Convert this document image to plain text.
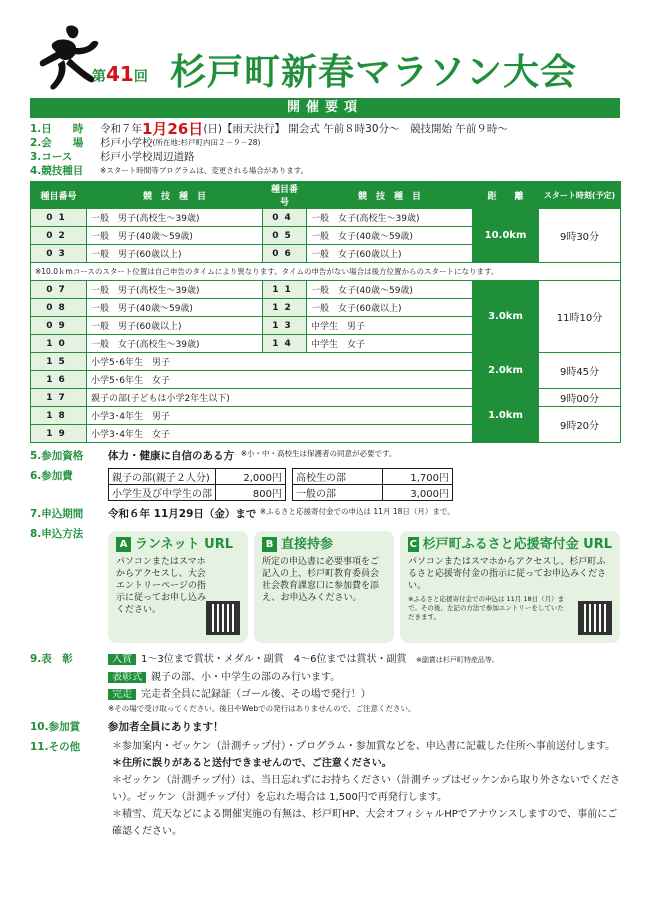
第41回 杉戸町新春マラソン大会
開催要項
1.日　　時	令和７年 1月26日 (日)【雨天決行】 開会式 午前８時30分～　競技開始 午前９時～
2.会　　場	杉戸小学校 (所在地:杉戸町内田２－９－28)
3.コース	杉戸小学校周辺道路
4.競技種目	※スタート時間等プログラムは、変更される場合があります。
種目番号	競　技　種　目	種目番号	競　技　種　目	距　　離	スタート時刻(予定)
01	一般　男子(高校生～39歳)	04	一般　女子(高校生～39歳)	10.0km	9時30分
02	一般　男子(40歳～59歳)	05	一般　女子(40歳～59歳)		
03	一般　男子(60歳以上)	06	一般　女子(60歳以上)		
※10.0ｋmコースのスタート位置は自己申告のタイムにより異なります。タイムの申告がない場合は後方位置からのスタートになります。					
07	一般　男子(高校生～39歳)	11	一般　女子(40歳～59歳)	3.0km	11時10分
08	一般　男子(40歳～59歳)	12	一般　女子(60歳以上)		
09	一般　男子(60歳以上)	13	中学生　男子		
10	一般　女子(高校生～39歳)	14	中学生　女子		
15	小学5･6年生　男子			2.0km	9時45分
16	小学5･6年生　女子				
17	親子の部(子どもは小学2年生以下)			1.0km	9時00分
18	小学3･4年生　男子				9時20分
19	小学3･4年生　女子				
5.参加資格	体力・健康に自信のある方
※小・中・高校生は保護者の同意が必要です。
6.参加費	親子の部(親子２人分)	2,000円
小学生及び中学生の部	800円
高校生の部	1,700円
一般の部	3,000円
7.申込期間	令和６年 11月29日（金）まで
※ふるさと応援寄付金での申込は 11月 18日（月）まで。
8.申込方法
A ランネット URL
パソコンまたはスマホからアクセスし、大会エントリーページの指示に従ってお申し込みください。
B 直接持参
所定の申込書に必要事項をご記入の上、杉戸町教育委員会社会教育課窓口に参加費を添え、お申込みください。
C 杉戸町ふるさと応援寄付金 URL
パソコンまたはスマホからアクセスし、杉戸町ふるさと応援寄付金の指示に従ってお申込みください。
※ふるさと応援寄付金での申込は 11月 18日（月）まで。その後、左記の方法で参加エントリーをしていただきます。
9.表　彰	入賞 1～3位まで賞状・メダル・副賞　4～6位までは賞状・副賞 ※副賞は杉戸町特産品等。
表彰式 親子の部、小・中学生の部のみ行います。
完走 完走者全員に記録証（ゴール後、その場で発行！）
※その場で受け取ってください。後日やWebでの発行はありませんので、ご注意ください。
10.参加賞	参加者全員にあります！
11.その他	＊参加案内・ゼッケン（計測チップ付）・プログラム・参加賞などを、申込書に記載した住所へ事前送付します。
＊住所に誤りがあると送付できませんので、ご注意ください。
＊ゼッケン（計測チップ付）は、当日忘れずにお持ちください（計測チップはゼッケンから取り外さないでください）。ゼッケン（計測チップ付）を忘れた場合は 1,500円で再発行します。
＊積雪、荒天などによる開催実施の有無は、杉戸町HP、大会オフィシャルHPでアナウンスしますので、事前にご確認ください。
